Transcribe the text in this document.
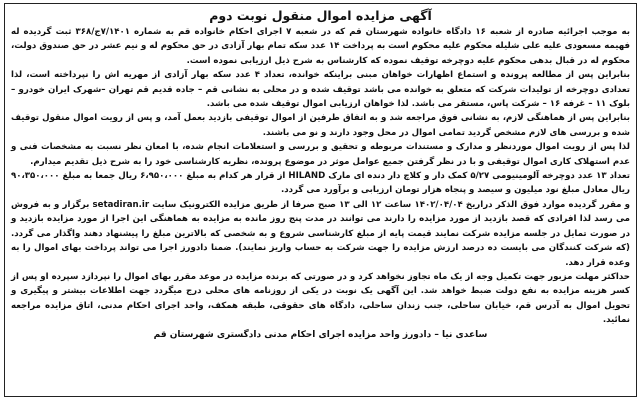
آگهی مزایده اموال منقول نوبت دوم

به موجب اجرائیه صادره از شعبه ۱۶ دادگاه خانواده شهرستان قم که در شعبه ۷ اجرای احکام خانواده قم به شماره ۷/۱۴۰۱ج/۳۶۸ ثبت گردیده له فهیمه مسعودی علیه علی شلیله محکوم علیه محکوم است به پرداخت ۱۴ عدد سکه تمام بهار آزادی در حق محکوم له و نیم عشر در حق صندوق دولت، محکوم له در قبال بدهی محکوم علیه دوچرخه توقیف نموده که کارشناس به شرح ذیل ارزیابی نموده است.

بنابراین پس از مطالعه پرونده و استماع اظهارات خواهان مبنی براینکه خوانده، تعداد ۴ عدد سکه بهار آزادی از مهریه اش را نپرداخته است، لذا تعدادی دوچرخه از تولیدات شرکت که متعلق به خوانده می باشد توقیف شده و در محلی به نشانی قم – جاده قدیم قم تهران –شهرک ایران خودرو – بلوک ۱۱ – غرفه ۱۶ – شرکت پاس، مستقر می باشد. لذا خواهان ارزیابی اموال توقیف شده می باشد.

بنابراین پس از هماهنگی لازم، به نشانی فوق مراجعه شد و به اتفاق طرفین از اموال توقیفی بازدید بعمل آمد، و پس از رویت اموال منقول توقیف شده و بررسی های لازم مشخص گردید تمامی اموال در محل وجود دارند و نو می باشند.

لذا پس از رویت اموال موردنظر و مدارک و مستندات مربوطه و تحقیق و بررسی و استعلامات انجام شده، با امعان نظر نسبت به مشخصات فنی و عدم استهلاک کاری اموال توقیفی و با در نظر گرفتن جمیع عوامل موثر در موضوع پرونده، نظریه کارشناسی خود را به شرح ذیل تقدیم میدارم.

تعداد ۱۳ عدد دوچرخه آلومینیومی ۵/۲۷ کمک دار و کلاچ دار دنده ای مارک HILAND از قرار هر کدام به مبلغ ۶،۹۵۰،۰۰۰ ریال جمعا به مبلغ ۹۰،۳۵۰،۰۰۰ ریال معادل مبلغ نود میلیون و سیصد و پنجاه هزار تومان ارزیابی و برآورد می گردد.

و مقرر گردیده موارد فوق الذکر دراریخ ۱۴۰۲/۰۴/۰۴ ساعت ۱۲ الی ۱۳ صبح صرفا از طریق مزایده الکترونیک سایت setadiran.ir برگزار و به فروش می رسد لذا افرادی که قصد بازدید از مورد مزایده را دارند می توانند در مدت پنج روز مانده به مزایده به هماهنگی این اجرا از مورد مزایده بازدید و در صورت تمایل در جلسه مزایده شرکت نمایند قیمت پایه از مبلغ کارشناسی شروع و به شخصی که بالاترین مبلغ را پیشنهاد دهند واگذار می گردد. (که شرکت کنندگان می بایست ده درصد ارزش مزایده را جهت شرکت به حساب واریز نمایند). ضمنا دادورز اجرا می تواند پرداخت بهای اموال را به وعده قرار دهد.

حداکثر مهلت مزبور جهت تکمیل وجه از یک ماه تجاوز نخواهد کرد و در صورتی که برنده مزایده در موعد مقرر بهای اموال را نپردازد سپرده او پس از کسر هزینه مزایده به نفع دولت ضبط خواهد شد. این آگهی یک نوبت در یکی از روزنامه های محلی درج میگردد جهت اطلاعات بیشتر و پیگیری و تحویل اموال به آدرس قم، خیابان ساحلی، جنب زندان ساحلی، دادگاه های حقوقی، طبقه همکف، واحد اجرای احکام مدنی، اتاق مزایده مراجعه نمائید.

ساعدی نیا – دادورز واحد مزایده اجرای احکام مدنی دادگستری شهرستان قم
